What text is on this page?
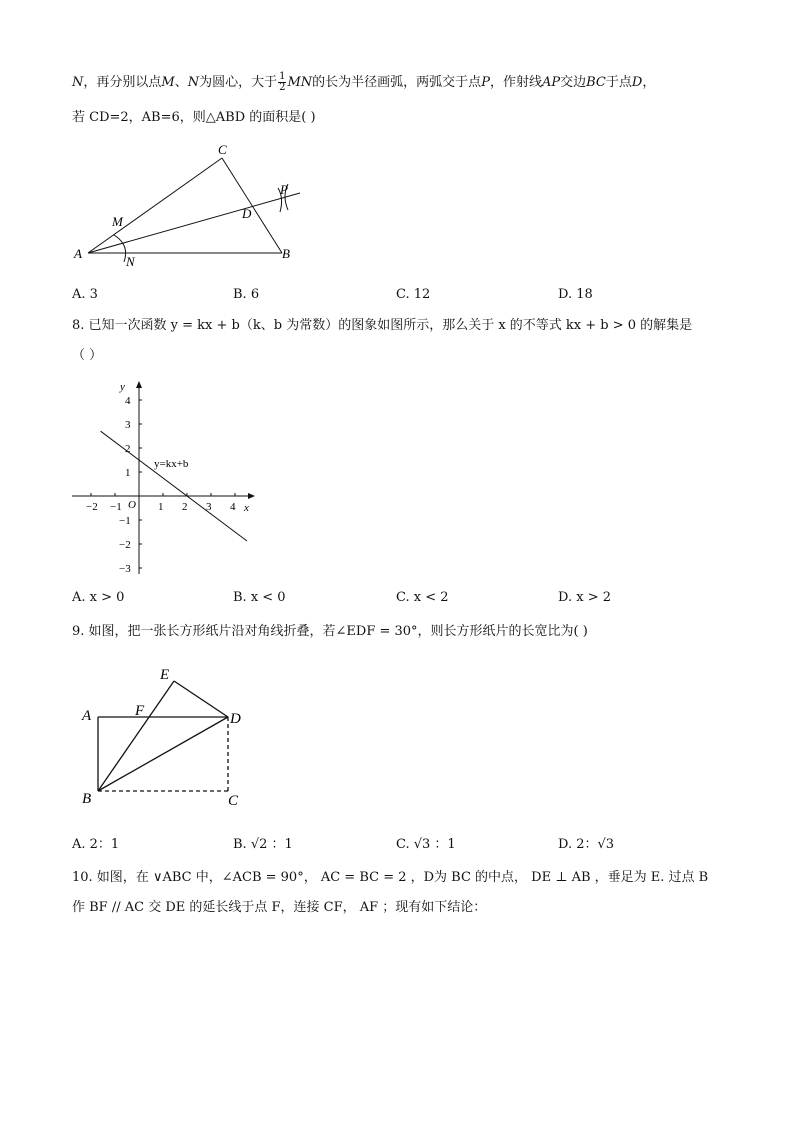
N，再分别以点M、N为圆心，大于 $\frac{1}{2}$ MN的长为半径画弧，两弧交于点P，作射线AP交边BC于点D，
若 CD=2，AB=6，则△ABD 的面积是( )
A	B
C
D
M
N
P
A. 3	B. 6	C. 12	D. 18
8. 已知一次函数 y = kx + b（k、b 为常数）的图象如图所示，那么关于 x 的不等式 kx + b > 0 的解集是
（ ）
−2 −1	1 2 3 4
4
3
2
1
−1
−2
−3
y
x
O
y=kx+b
A. x > 0	B. x < 0	C. x < 2	D. x > 2
9. 如图，把一张长方形纸片沿对角线折叠，若∠EDF = 30°，则长方形纸片的长宽比为( )
A
B	C
D
E
F
A. 2：1	B. √2 ：1	C. √3 ：1	D. 2：√3
10. 如图，在 ∨ABC 中，∠ACB = 90°， AC = BC = 2 ，D为 BC 的中点， DE ⊥ AB ，垂足为 E. 过点 B
作 BF // AC 交 DE 的延长线于点 F，连接 CF， AF ；现有如下结论：
